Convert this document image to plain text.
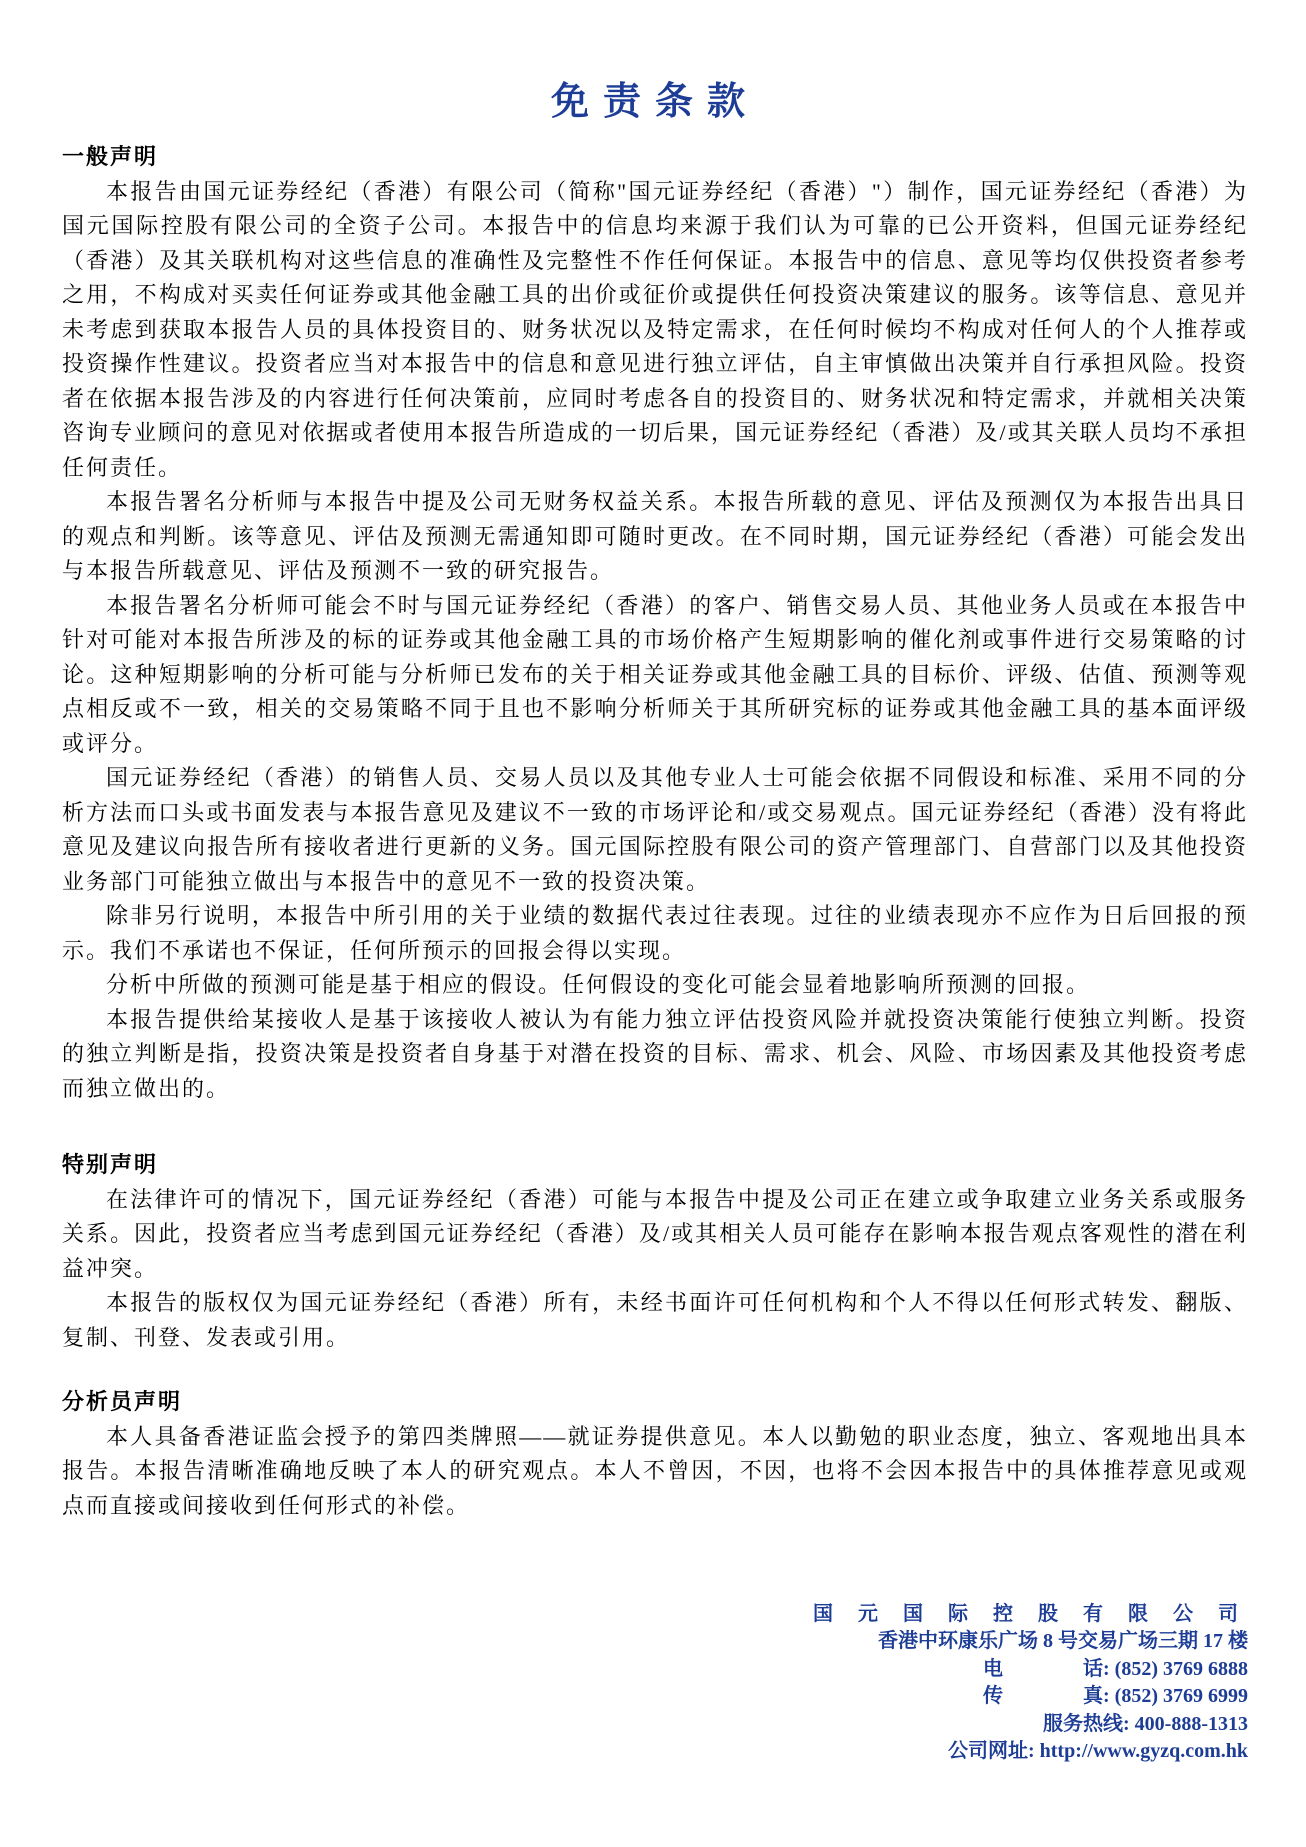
免责条款
一般声明

本报告由国元证券经纪（香港）有限公司（简称"国元证券经纪（香港）"）制作，国元证券经纪（香港）为国元国际控股有限公司的全资子公司。本报告中的信息均来源于我们认为可靠的已公开资料，但国元证券经纪（香港）及其关联机构对这些信息的准确性及完整性不作任何保证。本报告中的信息、意见等均仅供投资者参考之用，不构成对买卖任何证券或其他金融工具的出价或征价或提供任何投资决策建议的服务。该等信息、意见并未考虑到获取本报告人员的具体投资目的、财务状况以及特定需求，在任何时候均不构成对任何人的个人推荐或投资操作性建议。投资者应当对本报告中的信息和意见进行独立评估，自主审慎做出决策并自行承担风险。投资者在依据本报告涉及的内容进行任何决策前，应同时考虑各自的投资目的、财务状况和特定需求，并就相关决策咨询专业顾问的意见对依据或者使用本报告所造成的一切后果，国元证券经纪（香港）及/或其关联人员均不承担任何责任。

本报告署名分析师与本报告中提及公司无财务权益关系。本报告所载的意见、评估及预测仅为本报告出具日的观点和判断。该等意见、评估及预测无需通知即可随时更改。在不同时期，国元证券经纪（香港）可能会发出与本报告所载意见、评估及预测不一致的研究报告。

本报告署名分析师可能会不时与国元证券经纪（香港）的客户、销售交易人员、其他业务人员或在本报告中针对可能对本报告所涉及的标的证券或其他金融工具的市场价格产生短期影响的催化剂或事件进行交易策略的讨论。这种短期影响的分析可能与分析师已发布的关于相关证券或其他金融工具的目标价、评级、估值、预测等观点相反或不一致，相关的交易策略不同于且也不影响分析师关于其所研究标的证券或其他金融工具的基本面评级或评分。

国元证券经纪（香港）的销售人员、交易人员以及其他专业人士可能会依据不同假设和标准、采用不同的分析方法而口头或书面发表与本报告意见及建议不一致的市场评论和/或交易观点。国元证券经纪（香港）没有将此意见及建议向报告所有接收者进行更新的义务。国元国际控股有限公司的资产管理部门、自营部门以及其他投资业务部门可能独立做出与本报告中的意见不一致的投资决策。

除非另行说明，本报告中所引用的关于业绩的数据代表过往表现。过往的业绩表现亦不应作为日后回报的预示。我们不承诺也不保证，任何所预示的回报会得以实现。

分析中所做的预测可能是基于相应的假设。任何假设的变化可能会显着地影响所预测的回报。

本报告提供给某接收人是基于该接收人被认为有能力独立评估投资风险并就投资决策能行使独立判断。投资的独立判断是指，投资决策是投资者自身基于对潜在投资的目标、需求、机会、风险、市场因素及其他投资考虑而独立做出的。

特别声明

在法律许可的情况下，国元证券经纪（香港）可能与本报告中提及公司正在建立或争取建立业务关系或服务关系。因此，投资者应当考虑到国元证券经纪（香港）及/或其相关人员可能存在影响本报告观点客观性的潜在利益冲突。

本报告的版权仅为国元证券经纪（香港）所有，未经书面许可任何机构和个人不得以任何形式转发、翻版、复制、刊登、发表或引用。

分析员声明

本人具备香港证监会授予的第四类牌照——就证券提供意见。本人以勤勉的职业态度，独立、客观地出具本报告。本报告清晰准确地反映了本人的研究观点。本人不曾因，不因，也将不会因本报告中的具体推荐意见或观点而直接或间接收到任何形式的补偿。

国 元 国 际 控 股 有 限 公 司
香港中环康乐广场 8 号交易广场三期 17 楼
电　　　　话: (852) 3769 6888
传　　　　真: (852) 3769 6999
服务热线: 400-888-1313
公司网址: http://www.gyzq.com.hk
